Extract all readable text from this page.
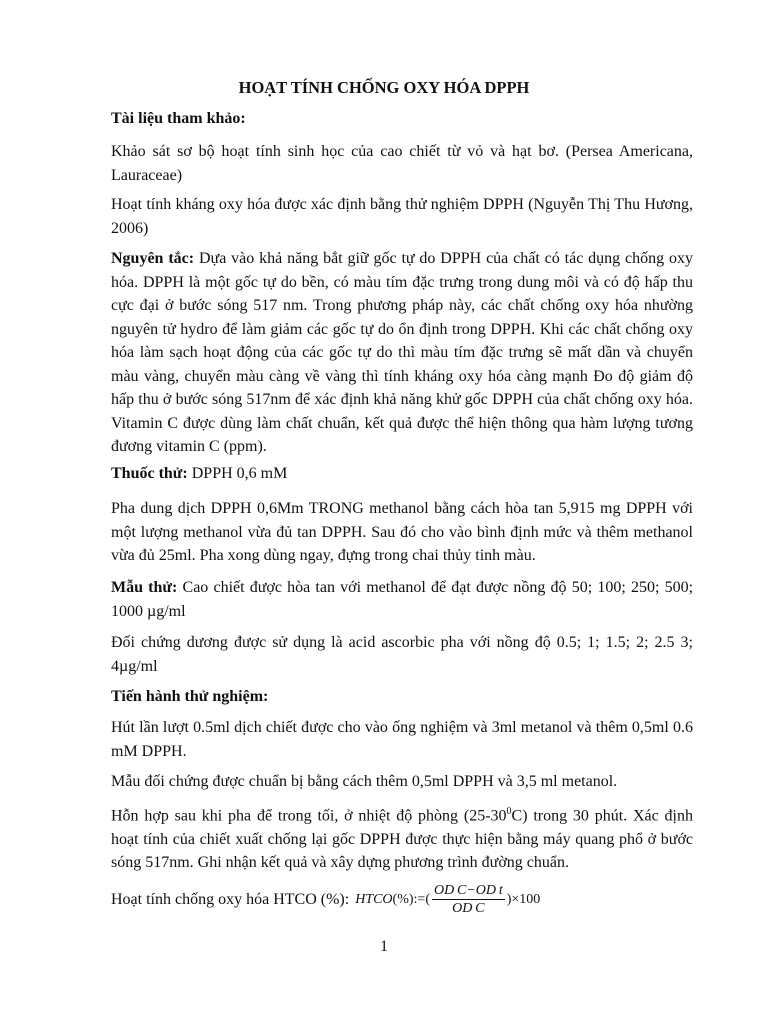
HOẠT TÍNH CHỐNG OXY HÓA DPPH
Tài liệu tham khảo:
Khảo sát sơ bộ hoạt tính sinh học của cao chiết từ vỏ và hạt bơ. (Persea Americana, Lauraceae)
Hoạt tính kháng oxy hóa được xác định bằng thử nghiệm DPPH (Nguyễn Thị Thu Hương, 2006)
Nguyên tắc: Dựa vào khả năng bắt giữ gốc tự do DPPH của chất có tác dụng chống oxy hóa. DPPH là một gốc tự do bền, có màu tím đặc trưng trong dung môi và có độ hấp thu cực đại ở bước sóng 517 nm. Trong phương pháp này, các chất chống oxy hóa nhường nguyên tử hydro để làm giảm các gốc tự do ổn định trong DPPH. Khi các chất chống oxy hóa làm sạch hoạt động của các gốc tự do thì màu tím đặc trưng sẽ mất dần và chuyển màu vàng, chuyển màu càng về vàng thì tính kháng oxy hóa càng mạnh Đo độ giảm độ hấp thu ở bước sóng 517nm để xác định khả năng khử gốc DPPH của chất chống oxy hóa. Vitamin C được dùng làm chất chuẩn, kết quả được thể hiện thông qua hàm lượng tương đương vitamin C (ppm).
Thuốc thử: DPPH 0,6 mM
Pha dung dịch DPPH 0,6Mm TRONG methanol bằng cách hòa tan 5,915 mg DPPH với một lượng methanol vừa đủ tan DPPH. Sau đó cho vào bình định mức và thêm methanol vừa đủ 25ml. Pha xong dùng ngay, đựng trong chai thủy tinh màu.
Mẫu thử: Cao chiết được hòa tan với methanol để đạt được nồng độ 50; 100; 250; 500; 1000 µg/ml
Đối chứng dương được sử dụng là acid ascorbic pha với nồng độ 0.5; 1; 1.5; 2; 2.5 3; 4µg/ml
Tiến hành thử nghiệm:
Hút lần lượt 0.5ml dịch chiết được cho vào ống nghiệm và 3ml metanol và thêm 0,5ml 0.6 mM DPPH.
Mẫu đối chứng được chuẩn bị bằng cách thêm 0,5ml DPPH và 3,5 ml metanol.
Hỗn hợp sau khi pha để trong tối, ở nhiệt độ phòng $(25-30^0C)$ trong 30 phút. Xác định hoạt tính của chiết xuất chống lại gốc DPPH được thực hiện bằng máy quang phổ ở bước sóng 517nm. Ghi nhận kết quả và xây dựng phương trình đường chuẩn.
Hoạt tính chống oxy hóa HTCO (%): HTCO (%):=( $\frac{\text{OD C−OD t}}{\text{OD C}} )\times 100$
1
